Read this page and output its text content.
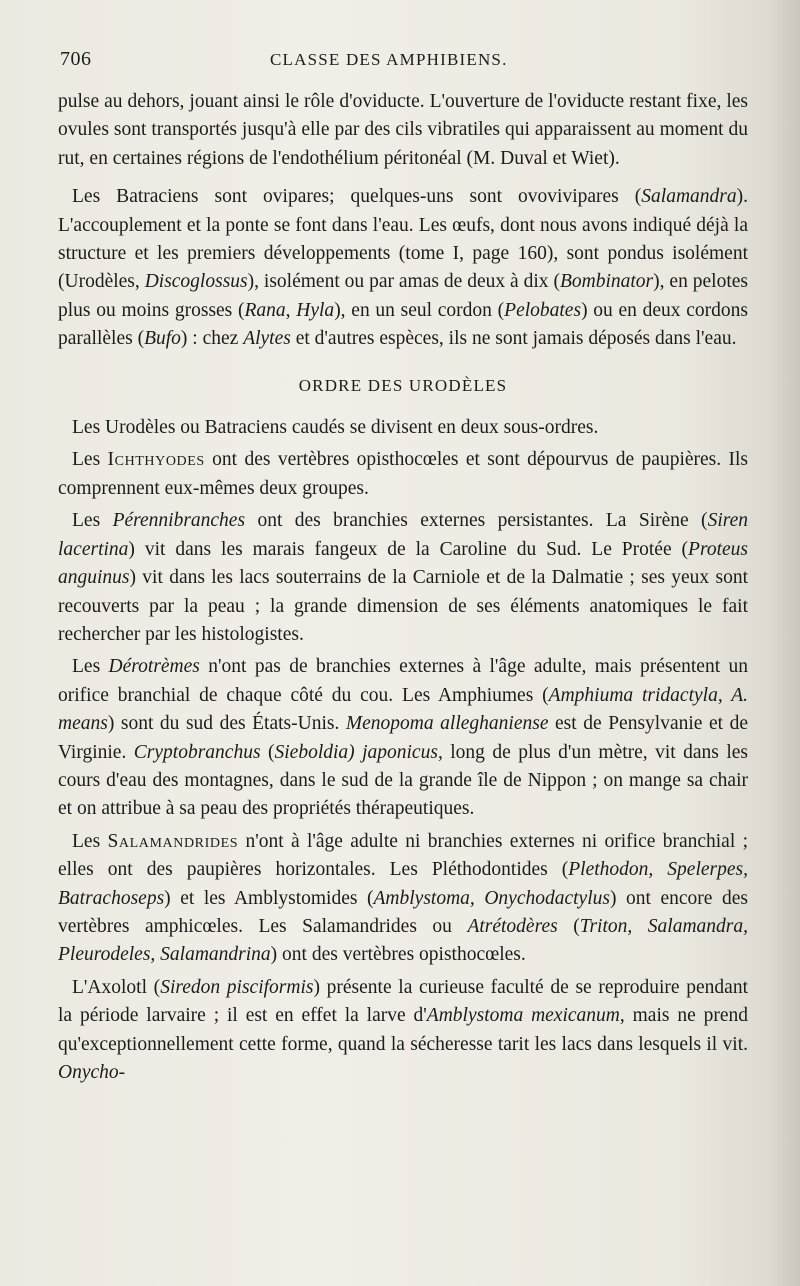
706	CLASSE DES AMPHIBIENS.

pulse au dehors, jouant ainsi le rôle d'oviducte. L'ouverture de l'oviducte restant fixe, les ovules sont transportés jusqu'à elle par des cils vibratiles qui apparaissent au moment du rut, en certaines régions de l'endothélium péritonéal (M. Duval et Wiet).

Les Batraciens sont ovipares; quelques-uns sont ovovivipares (Salamandra). L'accouplement et la ponte se font dans l'eau. Les œufs, dont nous avons indiqué déjà la structure et les premiers développements (tome I, page 160), sont pondus isolément (Urodèles, Discoglossus), isolément ou par amas de deux à dix (Bombinator), en pelotes plus ou moins grosses (Rana, Hyla), en un seul cordon (Pelobates) ou en deux cordons parallèles (Bufo) : chez Alytes et d'autres espèces, ils ne sont jamais déposés dans l'eau.

ORDRE DES URODÈLES

Les Urodèles ou Batraciens caudés se divisent en deux sous-ordres.

Les Ichthyodes ont des vertèbres opisthocœles et sont dépourvus de paupières. Ils comprennent eux-mêmes deux groupes.

Les Pérennibranches ont des branchies externes persistantes. La Sirène (Siren lacertina) vit dans les marais fangeux de la Caroline du Sud. Le Protée (Proteus anguinus) vit dans les lacs souterrains de la Carniole et de la Dalmatie ; ses yeux sont recouverts par la peau ; la grande dimension de ses éléments anatomiques le fait rechercher par les histologistes.

Les Dérotrèmes n'ont pas de branchies externes à l'âge adulte, mais présentent un orifice branchial de chaque côté du cou. Les Amphiumes (Amphiuma tridactyla, A. means) sont du sud des États-Unis. Menopoma alleghaniense est de Pensylvanie et de Virginie. Cryptobranchus (Sieboldia) japonicus, long de plus d'un mètre, vit dans les cours d'eau des montagnes, dans le sud de la grande île de Nippon ; on mange sa chair et on attribue à sa peau des propriétés thérapeutiques.

Les Salamandrides n'ont à l'âge adulte ni branchies externes ni orifice branchial ; elles ont des paupières horizontales. Les Pléthodontides (Plethodon, Spelerpes, Batrachoseps) et les Amblystomides (Amblystoma, Onychodactylus) ont encore des vertèbres amphicœles. Les Salamandrides ou Atrétodères (Triton, Salamandra, Pleurodeles, Salamandrina) ont des vertèbres opisthocœles.

L'Axolotl (Siredon pisciformis) présente la curieuse faculté de se reproduire pendant la période larvaire ; il est en effet la larve d'Amblystoma mexicanum, mais ne prend qu'exceptionnellement cette forme, quand la sécheresse tarit les lacs dans lesquels il vit. Onycho-
